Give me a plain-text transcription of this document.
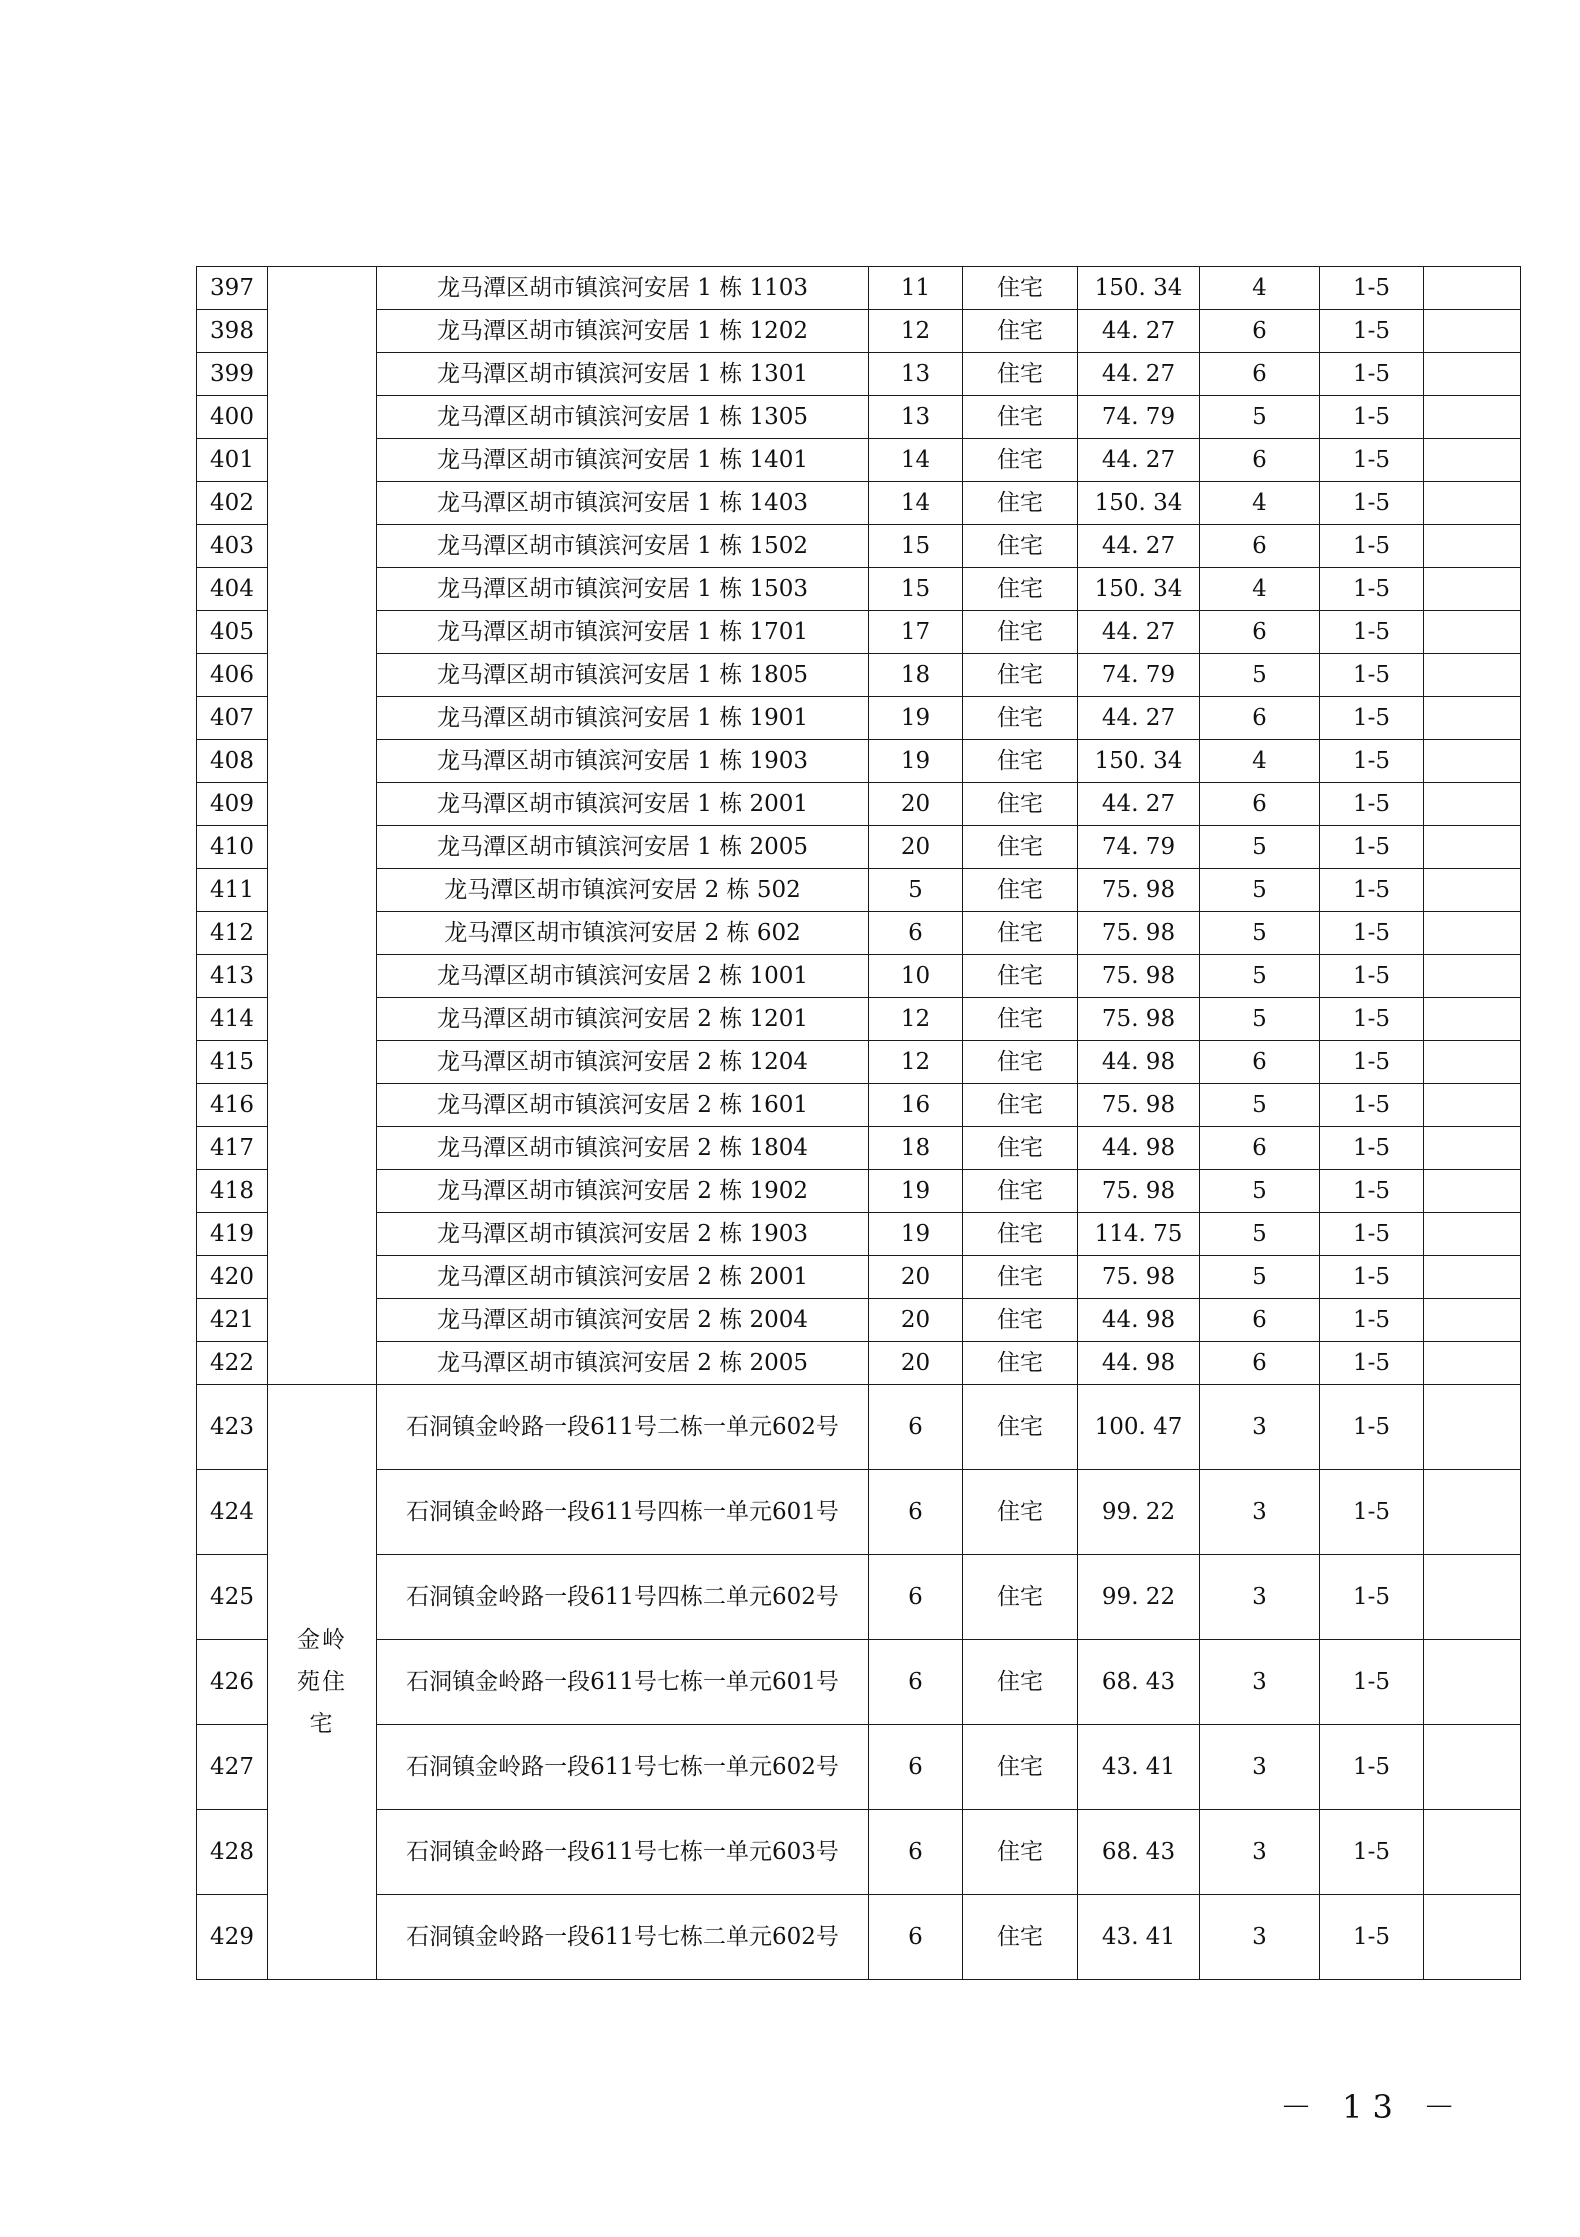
397		龙马潭区胡市镇滨河安居 1 栋 1103	11	住宅	150. 34	4	1-5	
398		龙马潭区胡市镇滨河安居 1 栋 1202	12	住宅	44. 27	6	1-5	
399		龙马潭区胡市镇滨河安居 1 栋 1301	13	住宅	44. 27	6	1-5	
400		龙马潭区胡市镇滨河安居 1 栋 1305	13	住宅	74. 79	5	1-5	
401		龙马潭区胡市镇滨河安居 1 栋 1401	14	住宅	44. 27	6	1-5	
402		龙马潭区胡市镇滨河安居 1 栋 1403	14	住宅	150. 34	4	1-5	
403		龙马潭区胡市镇滨河安居 1 栋 1502	15	住宅	44. 27	6	1-5	
404		龙马潭区胡市镇滨河安居 1 栋 1503	15	住宅	150. 34	4	1-5	
405		龙马潭区胡市镇滨河安居 1 栋 1701	17	住宅	44. 27	6	1-5	
406		龙马潭区胡市镇滨河安居 1 栋 1805	18	住宅	74. 79	5	1-5	
407		龙马潭区胡市镇滨河安居 1 栋 1901	19	住宅	44. 27	6	1-5	
408		龙马潭区胡市镇滨河安居 1 栋 1903	19	住宅	150. 34	4	1-5	
409		龙马潭区胡市镇滨河安居 1 栋 2001	20	住宅	44. 27	6	1-5	
410		龙马潭区胡市镇滨河安居 1 栋 2005	20	住宅	74. 79	5	1-5	
411		龙马潭区胡市镇滨河安居 2 栋 502	5	住宅	75. 98	5	1-5	
412		龙马潭区胡市镇滨河安居 2 栋 602	6	住宅	75. 98	5	1-5	
413		龙马潭区胡市镇滨河安居 2 栋 1001	10	住宅	75. 98	5	1-5	
414		龙马潭区胡市镇滨河安居 2 栋 1201	12	住宅	75. 98	5	1-5	
415		龙马潭区胡市镇滨河安居 2 栋 1204	12	住宅	44. 98	6	1-5	
416		龙马潭区胡市镇滨河安居 2 栋 1601	16	住宅	75. 98	5	1-5	
417		龙马潭区胡市镇滨河安居 2 栋 1804	18	住宅	44. 98	6	1-5	
418		龙马潭区胡市镇滨河安居 2 栋 1902	19	住宅	75. 98	5	1-5	
419		龙马潭区胡市镇滨河安居 2 栋 1903	19	住宅	114. 75	5	1-5	
420		龙马潭区胡市镇滨河安居 2 栋 2001	20	住宅	75. 98	5	1-5	
421		龙马潭区胡市镇滨河安居 2 栋 2004	20	住宅	44. 98	6	1-5	
422		龙马潭区胡市镇滨河安居 2 栋 2005	20	住宅	44. 98	6	1-5	
423	金岭苑住宅	石洞镇金岭路一段611号二栋一单元602号	6	住宅	100. 47	3	1-5	
424		石洞镇金岭路一段611号四栋一单元601号	6	住宅	99. 22	3	1-5	
425		石洞镇金岭路一段611号四栋二单元602号	6	住宅	99. 22	3	1-5	
426		石洞镇金岭路一段611号七栋一单元601号	6	住宅	68. 43	3	1-5	
427		石洞镇金岭路一段611号七栋一单元602号	6	住宅	43. 41	3	1-5	
428		石洞镇金岭路一段611号七栋一单元603号	6	住宅	68. 43	3	1-5	
429		石洞镇金岭路一段611号七栋二单元602号	6	住宅	43. 41	3	1-5	
－ 13 －
